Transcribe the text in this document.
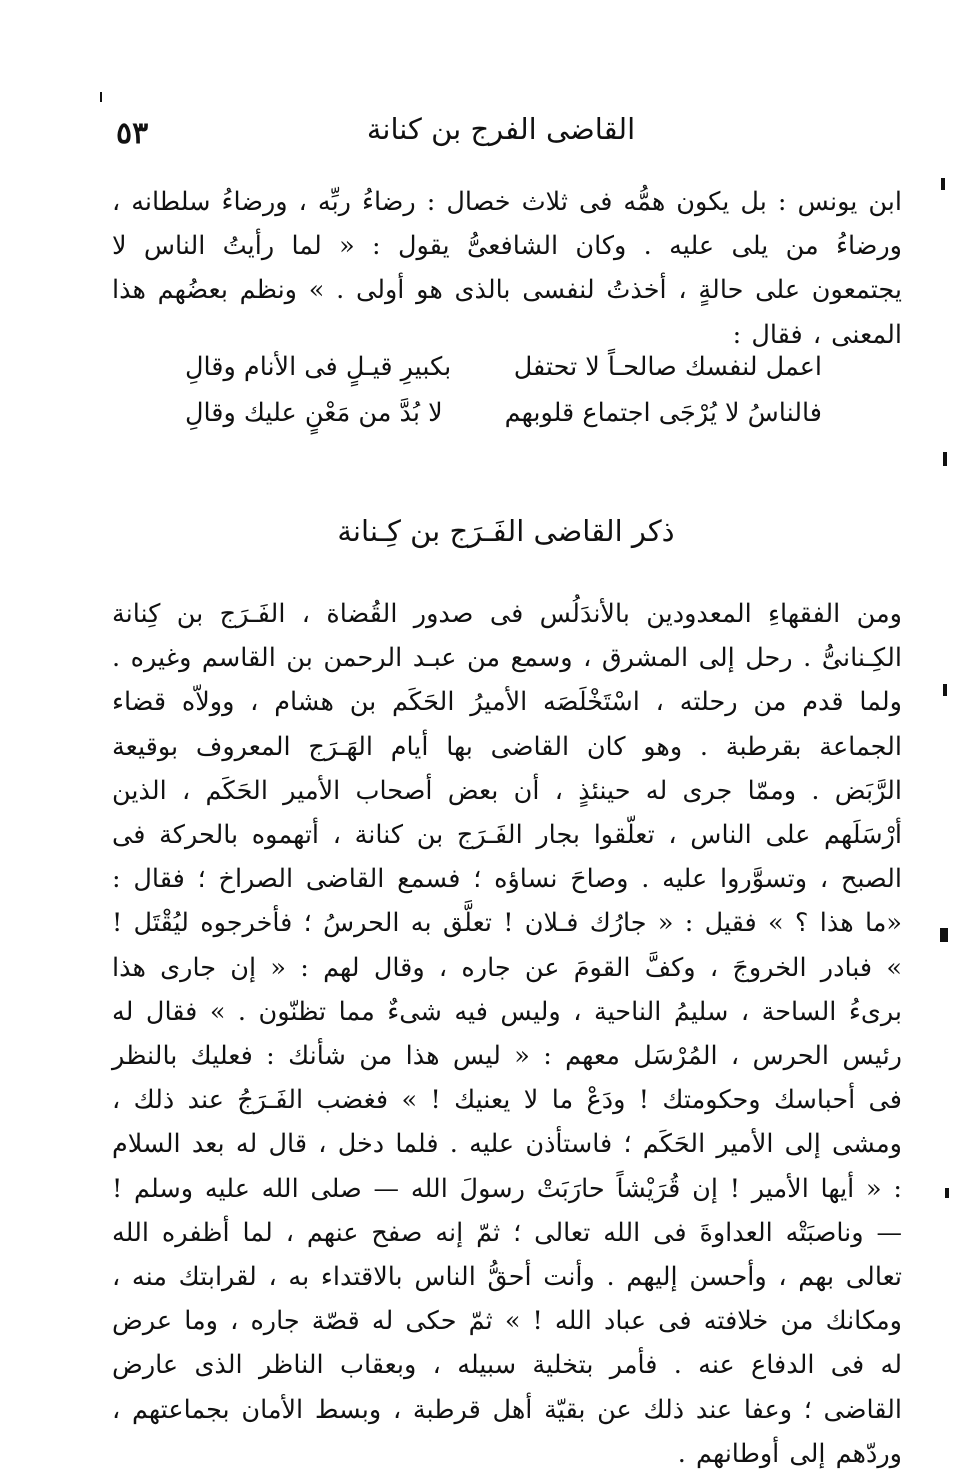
القاضى الفرج بن كنانة
٥٣
ابن يونس : بل يكون همُّه فى ثلاث خصال : رضاءُ ربِّه ، ورضاءُ سلطانه ، ورضاءُ من يلى عليه . وكان الشافعىُّ يقول : « لما رأيتُ الناس لا يجتمعون على حالةٍ ، أخذتُ لنفسى بالذى هو أولى . » ونظم بعضُهم هذا المعنى ، فقال :
اعمل لنفسك صالحـاً لا تحتفل
بكبيرِ قيـلٍ فى الأنام وقالِ
فالناسُ لا يُرْجَى اجتماع قلوبهم
لا بُدَّ من مَعْنٍ عليك وقالِ
ذكر القاضى الفَـرَج بن كِـنانة

ومن الفقهاءِ المعدودين بالأندَلُس فى صدور القُضاة ، الفَـرَج بن كِنانة الكِـنانىُّ . رحل إلى المشرق ، وسمع من عبـد الرحمن بن القاسم وغيره . ولما قدم من رحلته ، اسْتَخْلَصَه الأميرُ الحَكَم بن هشام ، وولاّه قضاء الجماعة بقرطبة . وهو كان القاضى بها أيام الهَـرَج المعروف بوقيعة الرَّبَض . وممّا جرى له حينئذٍ ، أن بعض أصحاب الأمير الحَكَم ، الذين أرْسَلَهم على الناس ، تعلّقوا بجار الفَـرَج بن كنانة ، أتهموه بالحركة فى الصبح ، وتسوَّروا عليه . وصاحَ نساؤه ؛ فسمع القاضى الصراخ ؛ فقال : «ما هذا ؟ » فقيل : « جارُك فـلان ! تعلَّق به الحرسُ ؛ فأخرجوه ليُقْتَل ! » فبادر الخروجَ ، وكفَّ القومَ عن جاره ، وقال لهم : « إن جارى هذا برىءُ الساحة ، سليمُ الناحية ، وليس فيه شىءٌ مما تظنّون . » فقال له رئيس الحرس ، المُرْسَل معهم : « ليس هذا من شأنك : فعليك بالنظر فى أحباسك وحكومتك ! ودَعْ ما لا يعنيك ! » فغضب الفَـرَجُ عند ذلك ، ومشى إلى الأمير الحَكَم ؛ فاستأذن عليه . فلما دخل ، قال له بعد السلام : « أيها الأمير ! إن قُرَيْشاً حارَبَتْ رسولَ الله — صلى الله عليه وسلم ! — وناصبَتْه العداوةَ فى الله تعالى ؛ ثمّ إنه صفح عنهم ، لما أظفره الله تعالى بهم ، وأحسن إليهم . وأنت أحقُّ الناس بالاقتداء به ، لقرابتك منه ، ومكانك من خلافته فى عباد الله ! » ثمّ حكى له قصّة جاره ، وما عرض له فى الدفاع عنه . فأمر بتخلية سبيله ، وبعقاب الناظر الذى عارض القاضى ؛ وعفا عند ذلك عن بقيّة أهل قرطبة ، وبسط الأمان بجماعتهم ، وردّهم إلى أوطانهم .
